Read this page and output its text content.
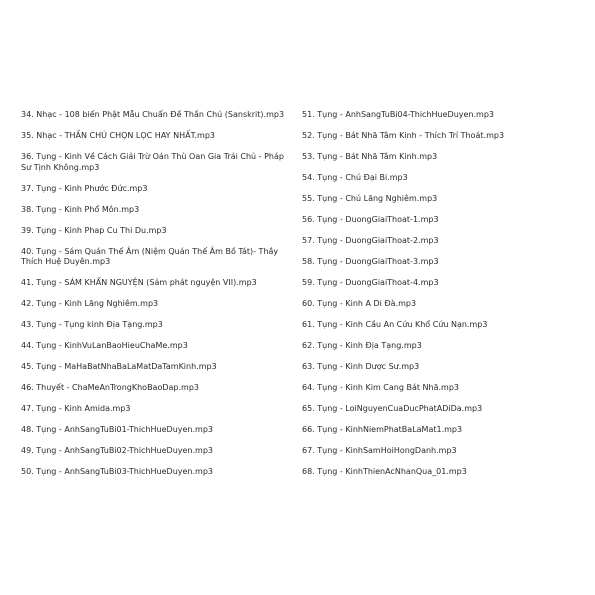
34. Nhạc - 108 biến Phật Mẫu Chuẩn Đề Thần Chú (Sanskrit).mp3
35. Nhạc - THẦN CHÚ CHỌN LỌC HAY NHẤT.mp3
36. Tụng - Kinh Về Cách Giải Trừ Oán Thù Oan Gia Trái Chủ - Pháp Sư Tịnh Không.mp3
37. Tụng - Kinh Phước Đức.mp3
38. Tụng - Kinh Phổ Môn.mp3
39. Tụng - Kinh Phap Cu Thi Du.mp3
40. Tụng - Sám Quán Thế Âm (Niệm Quán Thế Âm Bồ Tát)- Thầy Thích Huệ Duyên.mp3
41. Tụng - SÁM KHẤN NGUYỆN (Sám phát nguyện VII).mp3
42. Tụng - Kinh Lăng Nghiêm.mp3
43. Tụng - Tụng kinh Địa Tạng.mp3
44. Tụng - KinhVuLanBaoHieuChaMe.mp3
45. Tụng - MaHaBatNhaBaLaMatDaTamKinh.mp3
46. Thuyết - ChaMeAnTrongKhoBaoDap.mp3
47. Tụng - Kinh Amida.mp3
48. Tụng - AnhSangTuBi01-ThichHueDuyen.mp3
49. Tụng - AnhSangTuBi02-ThichHueDuyen.mp3
50. Tụng - AnhSangTuBi03-ThichHueDuyen.mp3
51. Tụng - AnhSangTuBi04-ThichHueDuyen.mp3
52. Tụng - Bát Nhã Tâm Kinh - Thích Trí Thoát.mp3
53. Tụng - Bát Nhã Tâm Kinh.mp3
54. Tụng - Chú Đại Bi.mp3
55. Tụng - Chú Lăng Nghiêm.mp3
56. Tụng - DuongGiaiThoat-1.mp3
57. Tụng - DuongGiaiThoat-2.mp3
58. Tụng - DuongGiaiThoat-3.mp3
59. Tụng - DuongGiaiThoat-4.mp3
60. Tụng - Kinh A Di Đà.mp3
61. Tụng - Kinh Cầu An Cứu Khổ Cứu Nạn.mp3
62. Tụng - Kinh Địa Tạng.mp3
63. Tụng - Kinh Dược Sư.mp3
64. Tụng - Kinh Kim Cang Bát Nhã.mp3
65. Tụng - LoiNguyenCuaDucPhatADiDa.mp3
66. Tụng - KinhNiemPhatBaLaMat1.mp3
67. Tụng - KinhSamHoiHongDanh.mp3
68. Tụng - KinhThienAcNhanQua_01.mp3
